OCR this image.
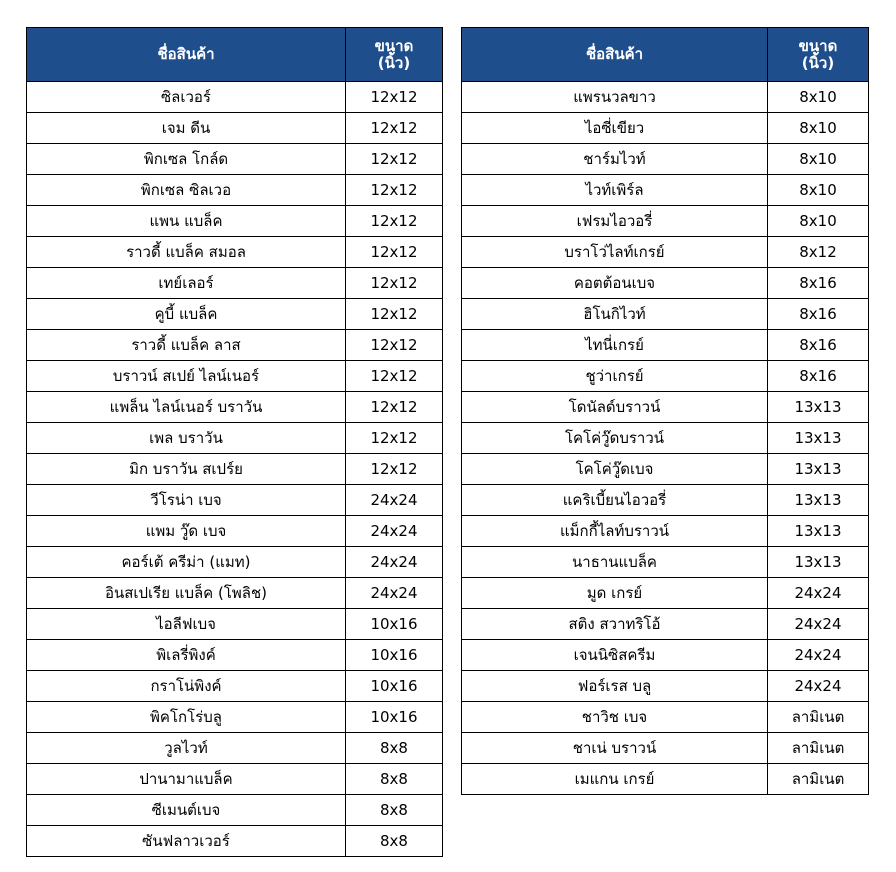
ชื่อสินค้า	ขนาด
(นิ้ว)
ซิลเวอร์	12x12
เจม ดีน	12x12
พิกเซล โกล์ด	12x12
พิกเซล ซิลเวอ	12x12
แพน แบล็ค	12x12
ราวดี้ แบล็ค สมอล	12x12
เทย์เลอร์	12x12
คูบี้ แบล็ค	12x12
ราวดี้ แบล็ค ลาส	12x12
บราวน์ สเปย์ ไลน์เนอร์	12x12
แพล็น ไลน์เนอร์ บราวัน	12x12
เพล บราวัน	12x12
มิก บราวัน สเปร์ย	12x12
วีโรน่า เบจ	24x24
แพม วู๊ด เบจ	24x24
คอร์เต้ ครีม่า (แมท)	24x24
อินสเปเรีย แบล็ค (โพลิช)	24x24
ไอลีฟเบจ	10x16
พิเลรี่พิงค์	10x16
กราโน่พิงค์	10x16
พิคโกโร่บลู	10x16
วูลไวท์	8x8
ปานามาแบล็ค	8x8
ซีเมนต์เบจ	8x8
ซันฟลาวเวอร์	8x8
ชื่อสินค้า	ขนาด
(นิ้ว)
แพรนวลขาว	8x10
ไอซี่เขียว	8x10
ชาร์มไวท์	8x10
ไวท์เพิร์ล	8x10
เฟรมไอวอรี่	8x10
บราโว่ไลท์เกรย์	8x12
คอตต้อนเบจ	8x16
ฮิโนกิไวท์	8x16
ไทนี่เกรย์	8x16
ชูว่าเกรย์	8x16
โดนัลด์บราวน์	13x13
โคโค่วู๊ดบราวน์	13x13
โคโค่วู๊ดเบจ	13x13
แคริเบี้ยนไอวอรี่	13x13
แม็กกี้ไลท์บราวน์	13x13
นาธานแบล็ค	13x13
มูด เกรย์	24x24
สติง สวาทริโอ้	24x24
เจนนิซิสครีม	24x24
ฟอร์เรส บลู	24x24
ชาวิช เบจ	ลามิเนต
ชาเน่ บราวน์	ลามิเนต
เมแกน เกรย์	ลามิเนต
